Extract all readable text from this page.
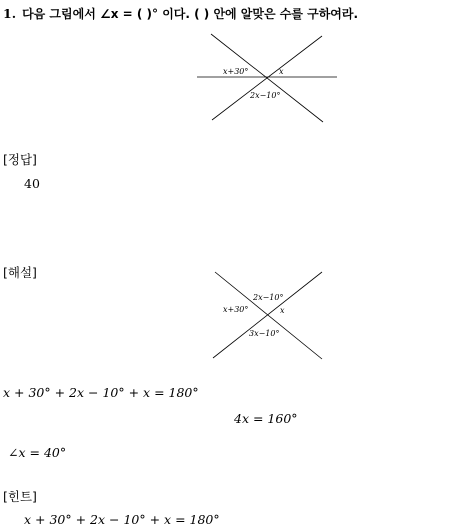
1. 다음 그림에서 ∠x = ( )° 이다. ( ) 안에 알맞은 수를 구하여라.
x+30°	x
2x−10°
[정답]
40
[해설]
2x−10°
x+30°	x
3x−10°
x + 30° + 2x − 10° + x = 180°
4x = 160°
∠x = 40°
[힌트]
x + 30° + 2x − 10° + x = 180°
